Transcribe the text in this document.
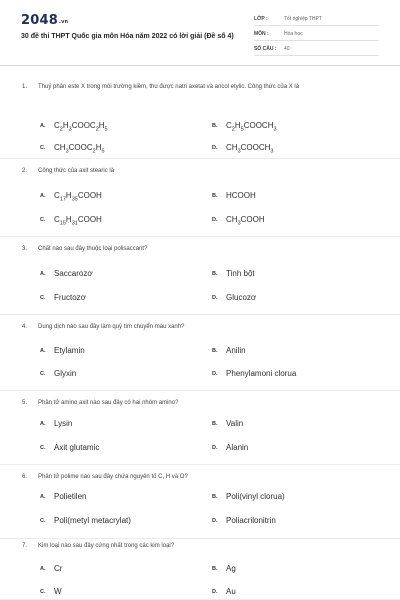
2048.vn
30 đề thi THPT Quốc gia môn Hóa năm 2022 có lời giải (Đề số 4)
LỚP :	Tốt nghiệp THPT
MÔN :	Hóa học
SỐ CÂU : 40
1. Thuỷ phân este X trong môi trường kiềm, thu được natri axetat và ancol etylic. Công thức của X là
A. $C_2H_3COOC_2H_5$
B. $C_2H_5COOCH_3$
C. $CH_3COOC_2H_5$
D. $CH_3COOCH_3$
2. Công thức của axit stearic là
A. $C_{17}H_{35}COOH$	B. HCOOH
C. $C_{15}H_{31}COOH$	D. $CH_3COOH$
3. Chất nào sau đây thuộc loại polisaccarit?
A. Saccarozơ	B. Tinh bột
C. Fructozơ	D. Glucozơ
4. Dung dịch nào sau đây làm quỳ tím chuyển màu xanh?
A. Etylamin	B. Anilin
C. Glyxin	D. Phenylamoni clorua
5. Phân tử amino axit nào sau đây có hai nhóm amino?
A. Lysin	B. Valin
C. Axit glutamic	D. Alanin
6. Phân tử polime nào sau đây chứa nguyên tố C, H và O?
A. Polietilen	B. Poli(vinyl clorua)
C. Poli(metyl metacrylat)	D. Poliacrilonitrin
7. Kim loại nào sau đây cứng nhất trong các kim loại?
A. Cr	B. Ag
C. W	D. Au
